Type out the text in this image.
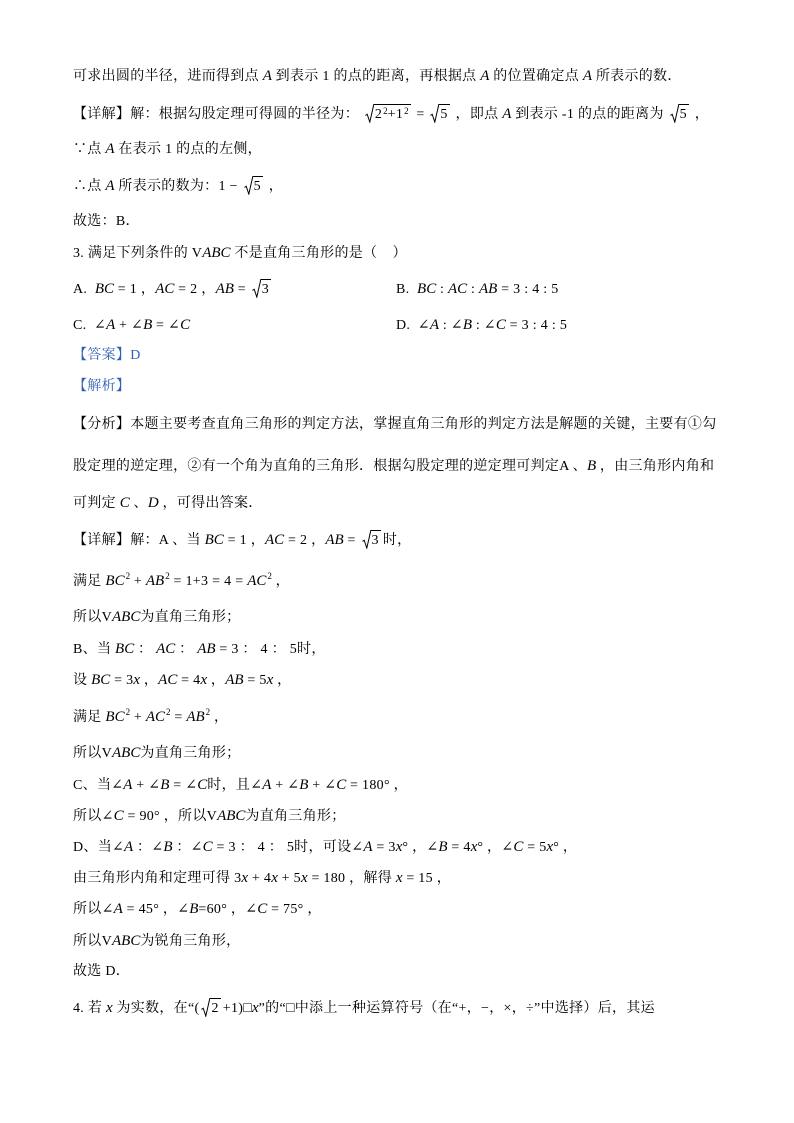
可求出圆的半径，进而得到点 A 到表示 1 的点的距离，再根据点 A 的位置确定点 A 所表示的数．
【详解】解：根据勾股定理可得圆的半径为：
$2^2+1^2$ =
5 ，即点 A 到表示 -1 的点的距离为
5 ，
∵点 A 在表示 1 的点的左侧，
∴点 A 所表示的数为：1 −
5 ，
故选：B．
3. 满足下列条件的 VABC 不是直角三角形的是（    ）
A.  BC = 1 ，AC = 2 ，AB =
3	B.  BC : AC : AB = 3 : 4 : 5
C.  ∠A + ∠B = ∠C	D.  ∠A : ∠B : ∠C = 3 : 4 : 5
【答案】D
【解析】
【分析】本题主要考查直角三角形的判定方法，掌握直角三角形的判定方法是解题的关键，主要有①勾
股定理的逆定理，②有一个角为直角的三角形．根据勾股定理的逆定理可判定A 、B ，由三角形内角和
可判定 C 、D ，可得出答案．
【详解】解：A 、当 BC = 1 ，AC = 2 ，AB =
3 时，
满足 $BC^2 + AB^2 = 1+3 = 4 = AC^2$ ，
所以VABC为直角三角形；
B、当 BC ： AC ： AB = 3 ： 4 ： 5时，
设 BC = 3x ，AC = 4x ，AB = 5x ，
满足 $BC^2 + AC^2 = AB^2$ ，
所以VABC为直角三角形；
C、当∠A + ∠B = ∠C时，且∠A + ∠B + ∠C = 180° ，
所以∠C = 90° ，所以VABC为直角三角形；
D、当∠A ：∠B ：∠C = 3 ： 4 ： 5时，可设∠A = 3x° ，∠B = 4x° ，∠C = 5x° ，
由三角形内角和定理可得 3x + 4x + 5x = 180 ，解得 x = 15 ，
所以∠A = 45° ，∠B=60° ，∠C = 75° ，
所以VABC为锐角三角形，
故选 D．
4. 若 x 为实数，在“( 2 +1)□x”的“□中添上一种运算符号（在“+，−，×，÷”中选择）后，其运
